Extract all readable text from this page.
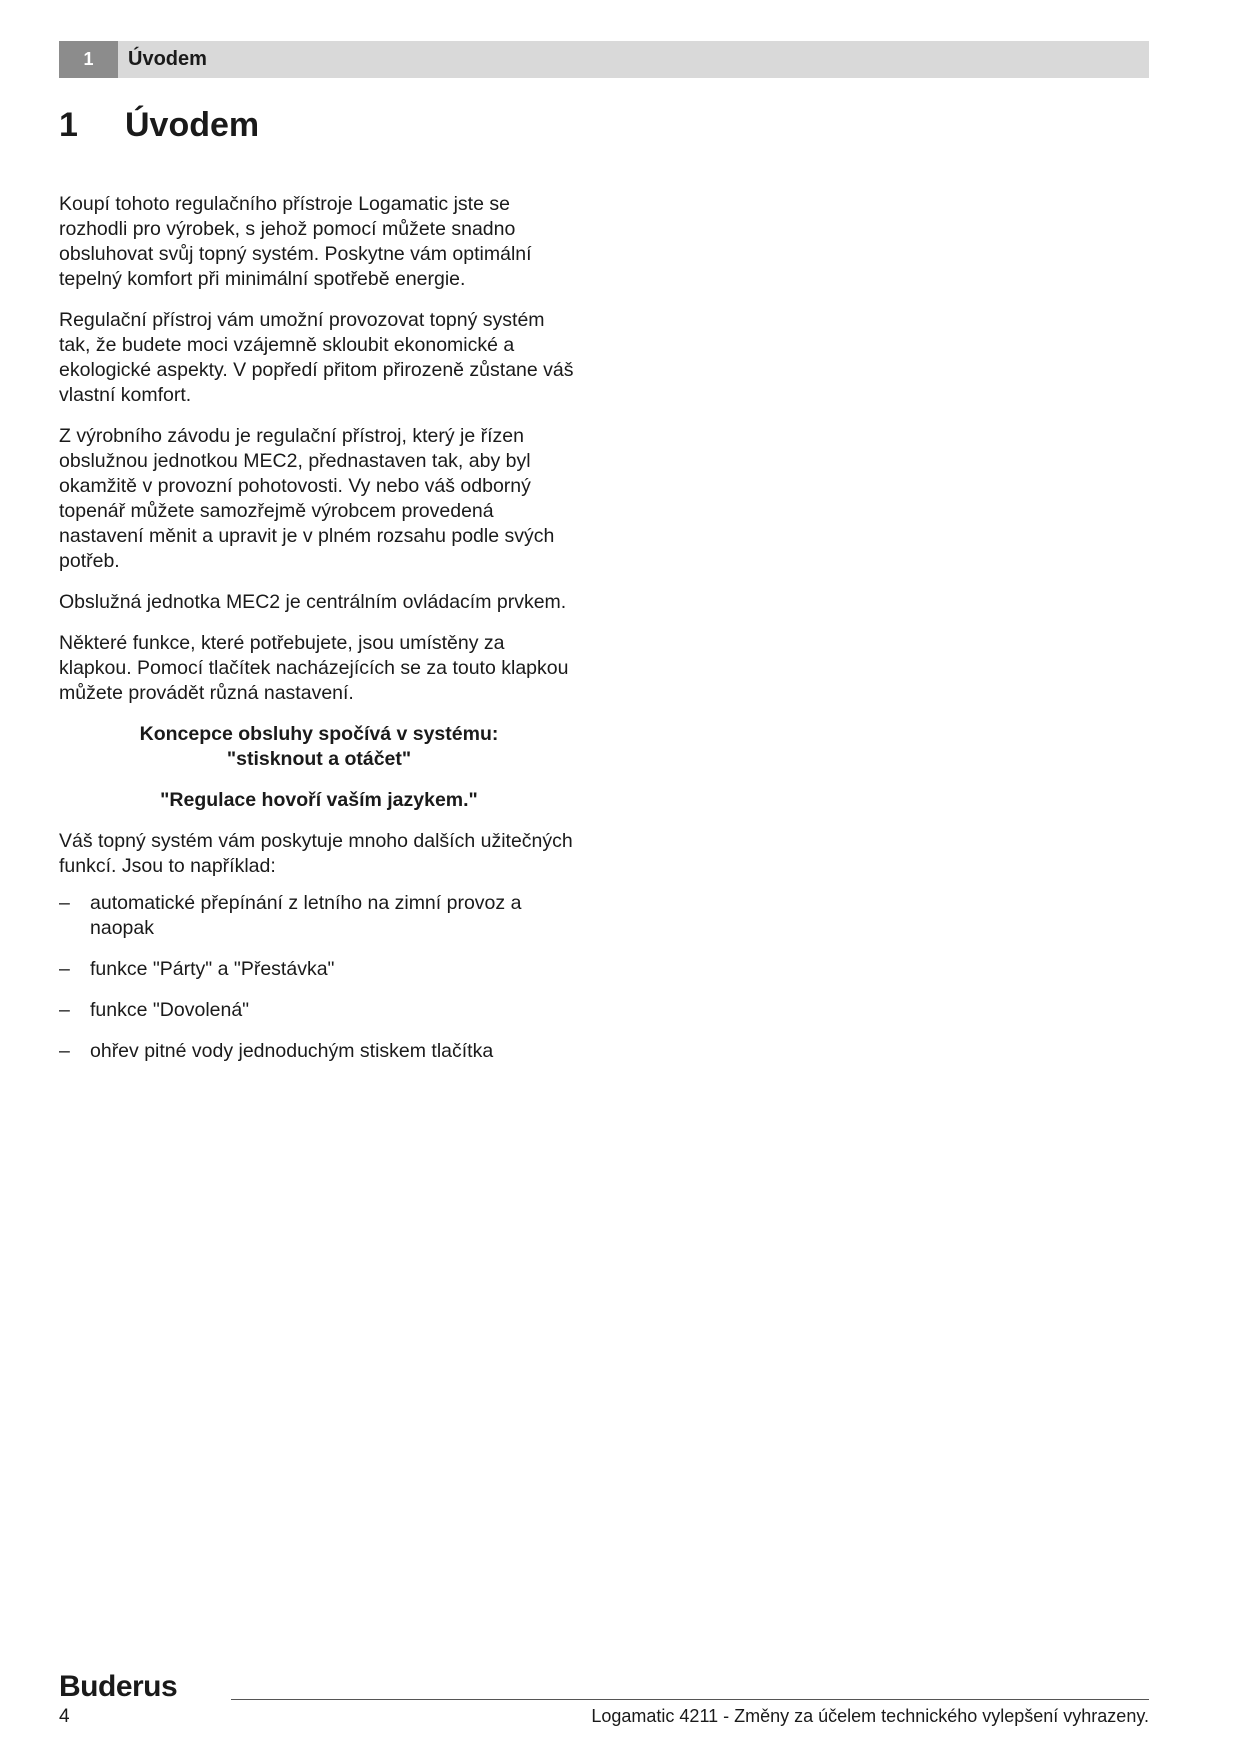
1	Úvodem
1	Úvodem

Koupí tohoto regulačního přístroje Logamatic jste se rozhodli pro výrobek, s jehož pomocí můžete snadno obsluhovat svůj topný systém. Poskytne vám optimální tepelný komfort při minimální spotřebě energie.

Regulační přístroj vám umožní provozovat topný systém tak, že budete moci vzájemně skloubit ekonomické a ekologické aspekty. V popředí přitom přirozeně zůstane váš vlastní komfort.

Z výrobního závodu je regulační přístroj, který je řízen obslužnou jednotkou MEC2, přednastaven tak, aby byl okamžitě v provozní pohotovosti. Vy nebo váš odborný topenář můžete samozřejmě výrobcem provedená nastavení měnit a upravit je v plném rozsahu podle svých potřeb.

Obslužná jednotka MEC2 je centrálním ovládacím prvkem.

Některé funkce, které potřebujete, jsou umístěny za klapkou. Pomocí tlačítek nacházejících se za touto klapkou můžete provádět různá nastavení.

Koncepce obsluhy spočívá v systému:
"stisknout a otáčet"

"Regulace hovoří vaším jazykem."

Váš topný systém vám poskytuje mnoho dalších užitečných funkcí. Jsou to například:

– automatické přepínání z letního na zimní provoz a naopak
– funkce "Párty" a "Přestávka"
– funkce "Dovolená"
– ohřev pitné vody jednoduchým stiskem tlačítka
Buderus
4	Logamatic 4211 - Změny za účelem technického vylepšení vyhrazeny.
